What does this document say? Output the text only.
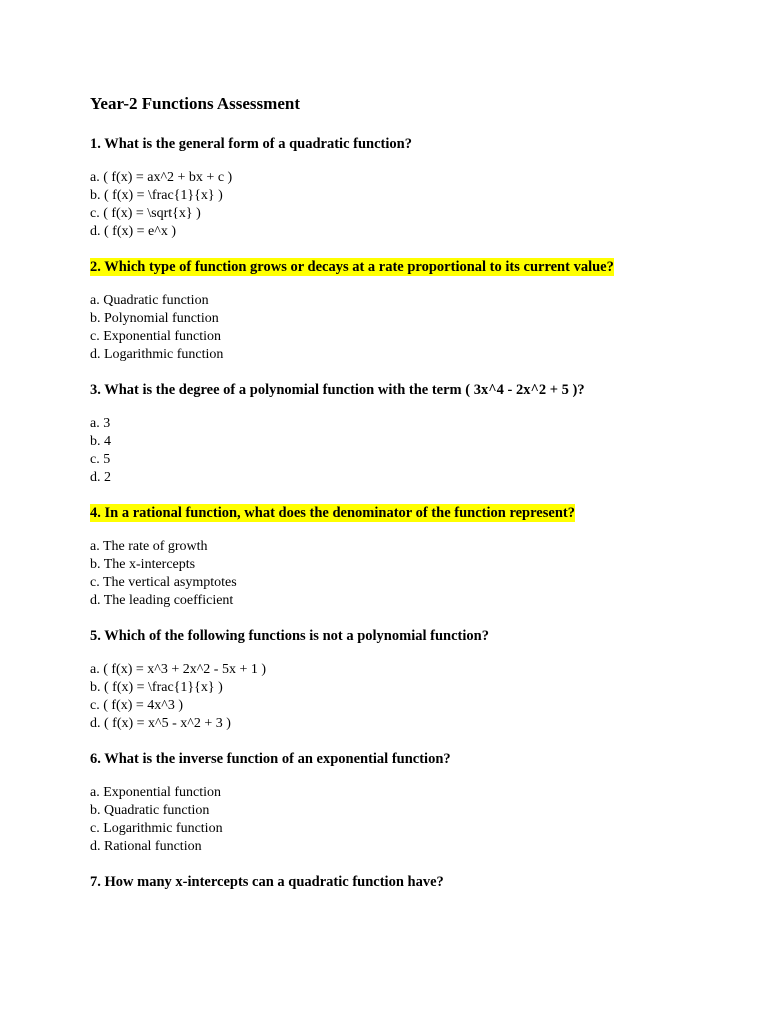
Year-2 Functions Assessment

1. What is the general form of a quadratic function?

a. ( f(x) = ax^2 + bx + c )
b. ( f(x) = \frac{1}{x} )
c. ( f(x) = \sqrt{x} )
d. ( f(x) = e^x )

2. Which type of function grows or decays at a rate proportional to its current value?

a. Quadratic function
b. Polynomial function
c. Exponential function
d. Logarithmic function

3. What is the degree of a polynomial function with the term ( 3x^4 - 2x^2 + 5 )?

a. 3
b. 4
c. 5
d. 2

4. In a rational function, what does the denominator of the function represent?

a. The rate of growth
b. The x-intercepts
c. The vertical asymptotes
d. The leading coefficient

5. Which of the following functions is not a polynomial function?

a. ( f(x) = x^3 + 2x^2 - 5x + 1 )
b. ( f(x) = \frac{1}{x} )
c. ( f(x) = 4x^3 )
d. ( f(x) = x^5 - x^2 + 3 )

6. What is the inverse function of an exponential function?

a. Exponential function
b. Quadratic function
c. Logarithmic function
d. Rational function

7. How many x-intercepts can a quadratic function have?
